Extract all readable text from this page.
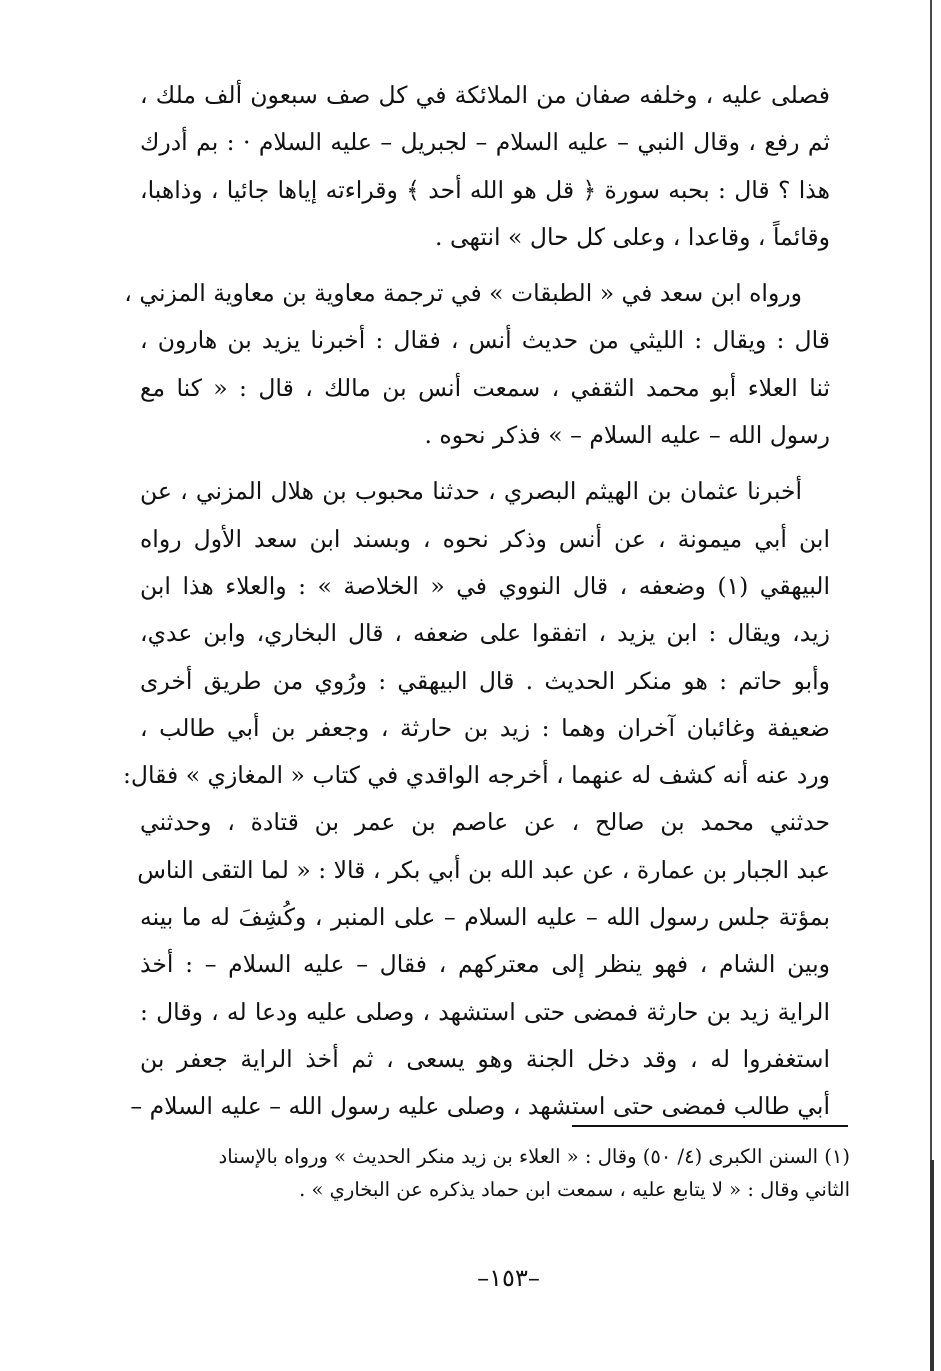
فصلى عليه ، وخلفه صفان من الملائكة في كل صف سبعون ألف ملك ،
ثم رفع ، وقال النبي – عليه السلام – لجبريل – عليه السلام · : بم أدرك
هذا ؟ قال : بحبه سورة ﴿ قل هو الله أحد ﴾ وقراءته إياها جائيا ، وذاهبا،
وقائماً ، وقاعدا ، وعلى كل حال » انتهى .

ورواه ابن سعد في « الطبقات » في ترجمة معاوية بن معاوية المزني ،
قال : ويقال : الليثي من حديث أنس ، فقال : أخبرنا يزيد بن هارون ،
ثنا العلاء أبو محمد الثقفي ، سمعت أنس بن مالك ، قال : « كنا مع
رسول الله – عليه السلام – » فذكر نحوه .

أخبرنا عثمان بن الهيثم البصري ، حدثنا محبوب بن هلال المزني ، عن
ابن أبي ميمونة ، عن أنس وذكر نحوه ، وبسند ابن سعد الأول رواه
البيهقي (١) وضعفه ، قال النووي في « الخلاصة » : والعلاء هذا ابن
زيد، ويقال : ابن يزيد ، اتفقوا على ضعفه ، قال البخاري، وابن عدي،
وأبو حاتم : هو منكر الحديث . قال البيهقي : ورُوي من طريق أخرى
ضعيفة وغائبان آخران وهما : زيد بن حارثة ، وجعفر بن أبي طالب ،
ورد عنه أنه كشف له عنهما ، أخرجه الواقدي في كتاب « المغازي » فقال:
حدثني محمد بن صالح ، عن عاصم بن عمر بن قتادة ، وحدثني
عبد الجبار بن عمارة ، عن عبد الله بن أبي بكر ، قالا : « لما التقى الناس
بمؤتة جلس رسول الله – عليه السلام – على المنبر ، وكُشِفَ له ما بينه
وبين الشام ، فهو ينظر إلى معتركهم ، فقال – عليه السلام – : أخذ
الراية زيد بن حارثة فمضى حتى استشهد ، وصلى عليه ودعا له ، وقال :
استغفروا له ، وقد دخل الجنة وهو يسعى ، ثم أخذ الراية جعفر بن
أبي طالب فمضى حتى استشهد ، وصلى عليه رسول الله – عليه السلام –

(١) السنن الكبرى (٤/ ٥٠) وقال : « العلاء بن زيد منكر الحديث » ورواه بالإسناد
الثاني وقال : « لا يتابع عليه ، سمعت ابن حماد يذكره عن البخاري » .
–١٥٣–
